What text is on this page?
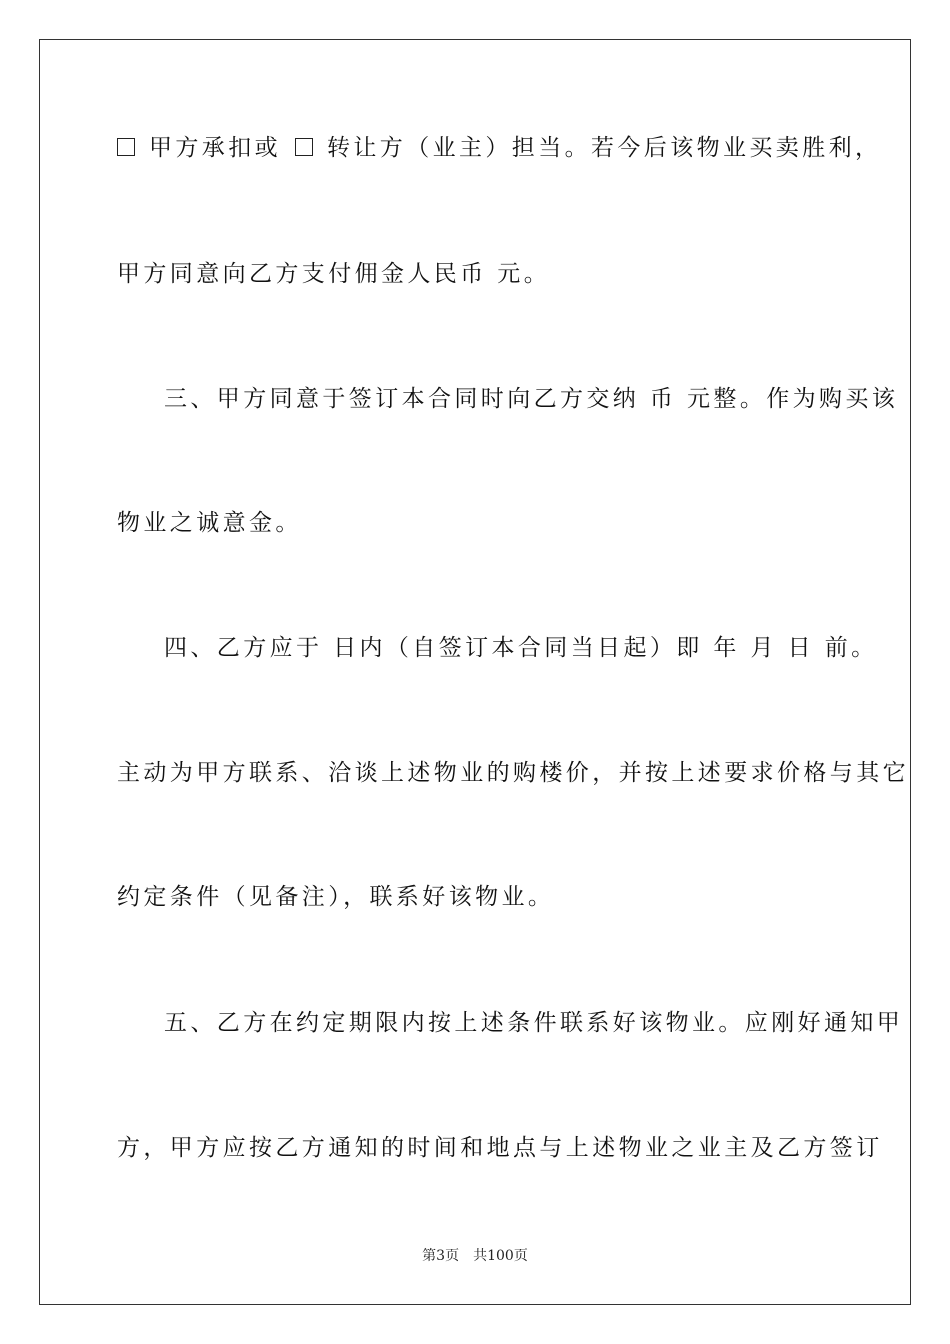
甲方承扣或 转让方（业主）担当。若今后该物业买卖胜利，
甲方同意向乙方支付佣金人民币 元。
三、甲方同意于签订本合同时向乙方交纳 币 元整。作为购买该
物业之诚意金。
四、乙方应于 日内（自签订本合同当日起）即 年 月 日 前。
主动为甲方联系、洽谈上述物业的购楼价，并按上述要求价格与其它
约定条件（见备注），联系好该物业。
五、乙方在约定期限内按上述条件联系好该物业。应刚好通知甲
方，甲方应按乙方通知的时间和地点与上述物业之业主及乙方签订
第3页 共100页
